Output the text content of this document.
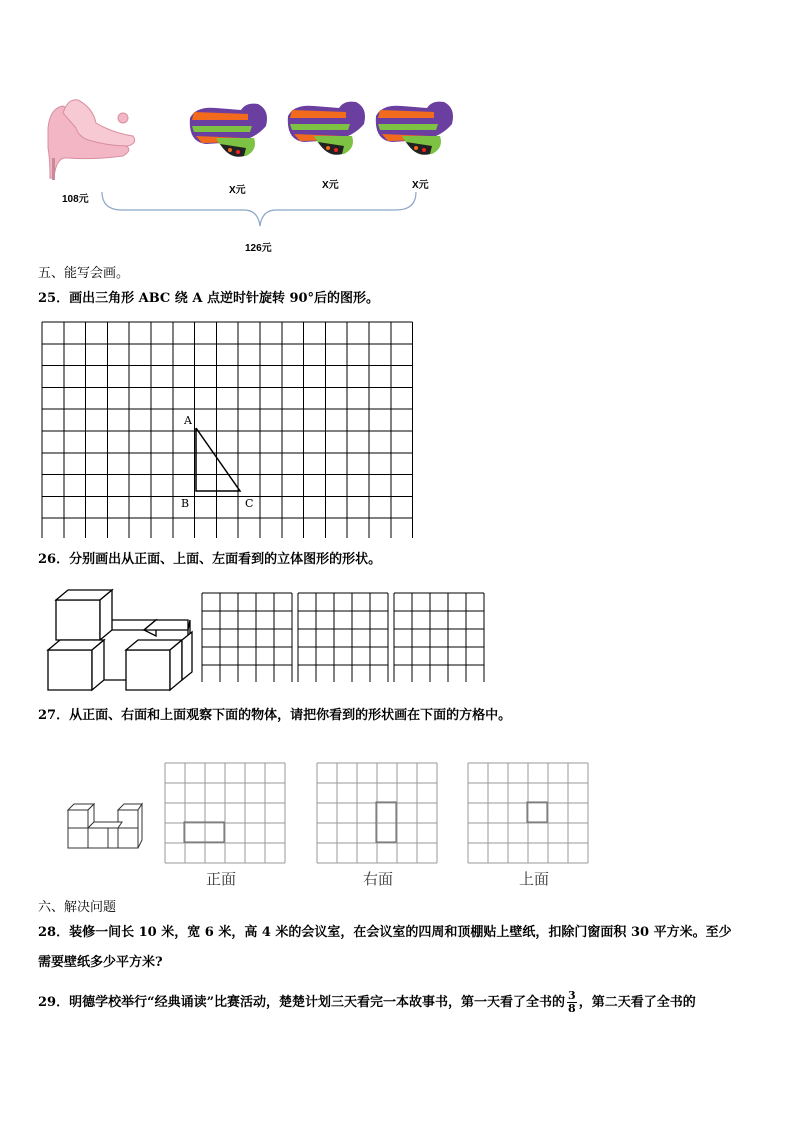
108元
X元	X元	X元
126元
五、能写会画。
25．画出三角形 ABC 绕 A 点逆时针旋转 90°后的图形。
A
B	C
26．分别画出从正面、上面、左面看到的立体图形的形状。
27．从正面、右面和上面观察下面的物体，请把你看到的形状画在下面的方格中。
正面	右面	上面
六、解决问题
28．装修一间长 10 米，宽 6 米，高 4 米的会议室，在会议室的四周和顶棚贴上壁纸，扣除门窗面积 30 平方米。至少
需要壁纸多少平方米?
29．明德学校举行“经典诵读”比赛活动，楚楚计划三天看完一本故事书，第一天看了全书的 $\frac{3}{8}$ ，第二天看了全书的
